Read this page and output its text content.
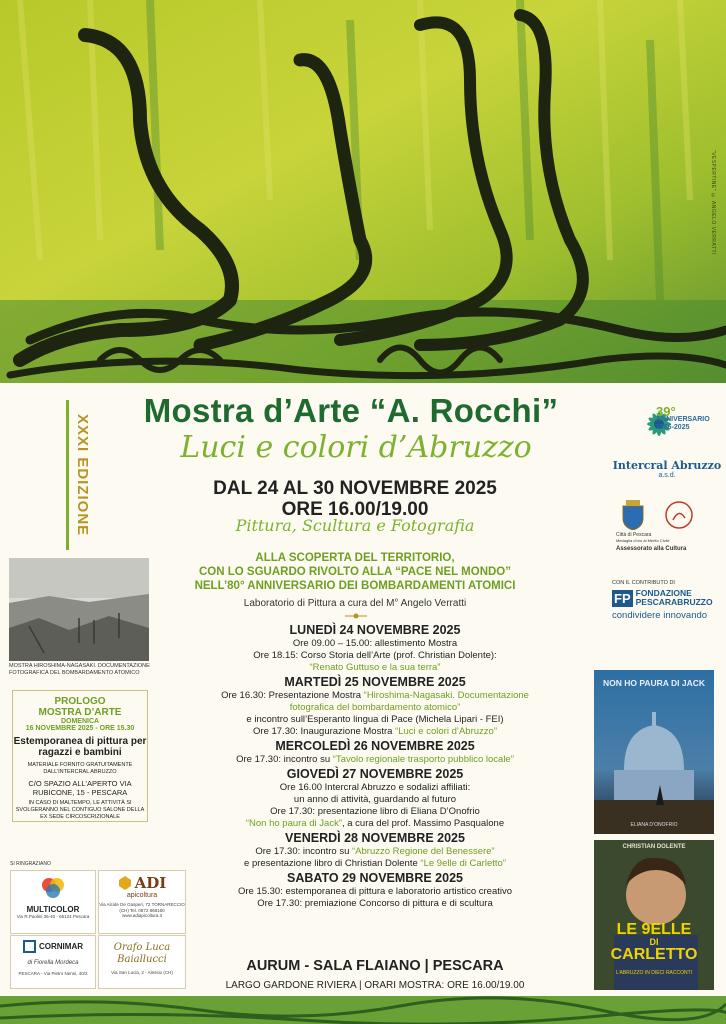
“VESPERTINE” © ANGELO VERRATTI
XXXI EDIZIONE
Mostra d’Arte “A. Rocchi”
Luci e colori d’Abruzzo
DAL 24 AL 30 NOVEMBRE 2025
ORE 16.00/19.00
Pittura, Scultura e Fotografia
ALLA SCOPERTA DEL TERRITORIO,
CON LO SGUARDO RIVOLTO ALLA “PACE NEL MONDO”
NELL’80° ANNIVERSARIO DEI BOMBARDAMENTI ATOMICI
Laboratorio di Pittura a cura del M° Angelo Verratti
39°
ANNIVERSARIO 1986-2025
Intercral Abruzzo
a.s.d.
Città di Pescara
Medaglia d’oro al Merito Civile
Assessorato alla Cultura
CON IL CONTRIBUTO DI
FP FONDAZIONE
PESCARABRUZZO
condividere innovando
MOSTRA HIROSHIMA-NAGASAKI. DOCUMENTAZIONE FOTOGRAFICA DEL BOMBARDAMENTO ATOMICO
PROLOGO
MOSTRA D’ARTE
DOMENICA
16 NOVEMBRE 2025 - ORE 15.30
Estemporanea di pittura per ragazzi e bambini
MATERIALE FORNITO GRATUITAMENTE DALL’INTERCRAL ABRUZZO
C/O SPAZIO ALL’APERTO VIA RUBICONE, 15 - PESCARA
IN CASO DI MALTEMPO, LE ATTIVITÀ SI SVOLGERANNO NEL CONTIGUO SALONE DELLA EX SEDE CIRCOSCRIZIONALE
SI RINGRAZIANO
MULTICOLOR
Via R.Paolini 36-40 - 65124 Pescara
ADI
apicoltura
Via Alcide De Gasperi, 72 TORNARECCIO (CH) Tel. 0872 868160 www.adiapicoltura.it
CORNIMAR
di Fiorella Mordeca
PESCARA - Via Pietro Nenni, 40/2
Orafo Luca Baiallucci
Via San Lucia, 2 - Alessio (CH)
LUNEDÌ 24 NOVEMBRE 2025
Ore 09.00 – 15.00: allestimento Mostra
Ore 18.15: Corso Storia dell’Arte (prof. Christian Dolente):
“Renato Guttuso e la sua terra”
MARTEDÌ 25 NOVEMBRE 2025
Ore 16.30: Presentazione Mostra “Hiroshima-Nagasaki. Documentazione
fotografica del bombardamento atomico”
e incontro sull’Esperanto lingua di Pace (Michela Lipari - FEI)
Ore 17.30: Inaugurazione Mostra “Luci e colori d’Abruzzo”
MERCOLEDÌ 26 NOVEMBRE 2025
Ore 17.30: incontro su “Tavolo regionale trasporto pubblico locale”
GIOVEDÌ 27 NOVEMBRE 2025
Ore 16.00 Intercral Abruzzo e sodalizi affiliati:
un anno di attività, guardando al futuro
Ore 17.30: presentazione libro di Eliana D’Onofrio
“Non ho paura di Jack”, a cura del prof. Massimo Pasqualone
VENERDÌ 28 NOVEMBRE 2025
Ore 17.30: incontro su “Abruzzo Regione del Benessere”
e presentazione libro di Christian Dolente “Le 9elle di Carletto”
SABATO 29 NOVEMBRE 2025
Ore 15.30: estemporanea di pittura e laboratorio artistico creativo
Ore 17.30: premiazione Concorso di pittura e di scultura
AURUM - SALA FLAIANO | PESCARA
LARGO GARDONE RIVIERA | ORARI MOSTRA: ORE 16.00/19.00
NON HO PAURA DI JACK
ELIANA D’ONOFRIO
CHRISTIAN DOLENTE
LE 9ELLE
DI
CARLETTO
L’ABRUZZO IN DIECI RACCONTI
